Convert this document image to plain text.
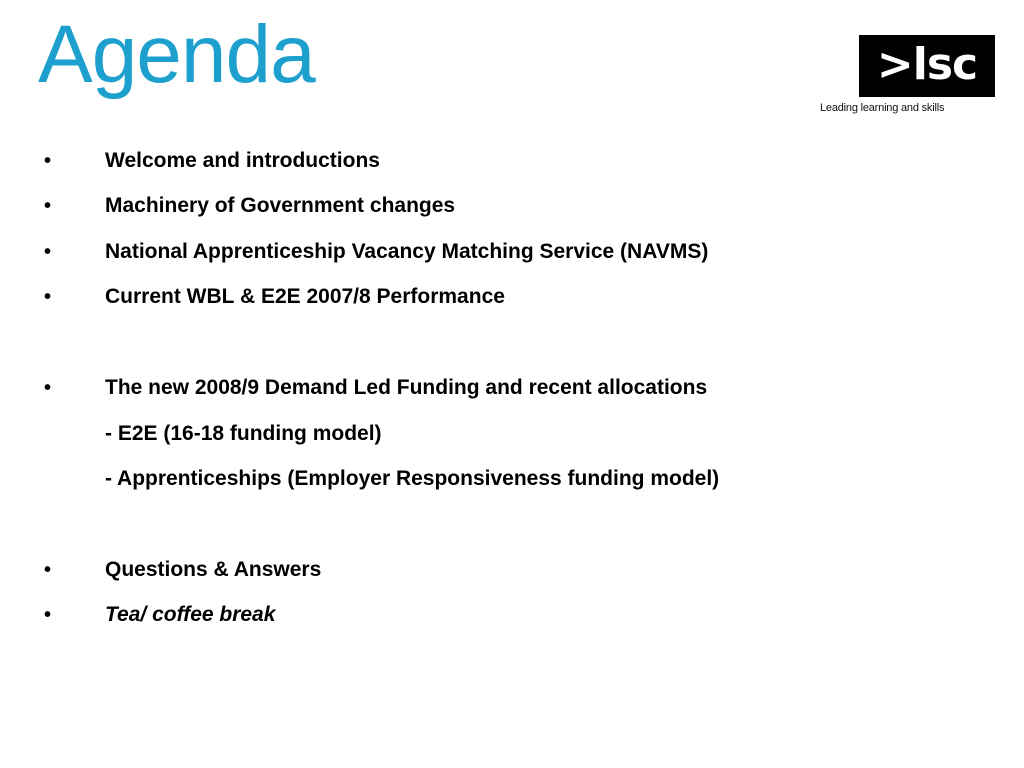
Agenda	>lsc
Leading learning and skills
•	Welcome and introductions
•	Machinery of Government changes
•	National Apprenticeship Vacancy Matching Service (NAVMS)
•	Current WBL & E2E 2007/8 Performance
•	The new 2008/9 Demand Led Funding and recent allocations
- E2E (16-18 funding model)
- Apprenticeships (Employer Responsiveness funding model)
•	Questions & Answers
•	Tea/ coffee break
